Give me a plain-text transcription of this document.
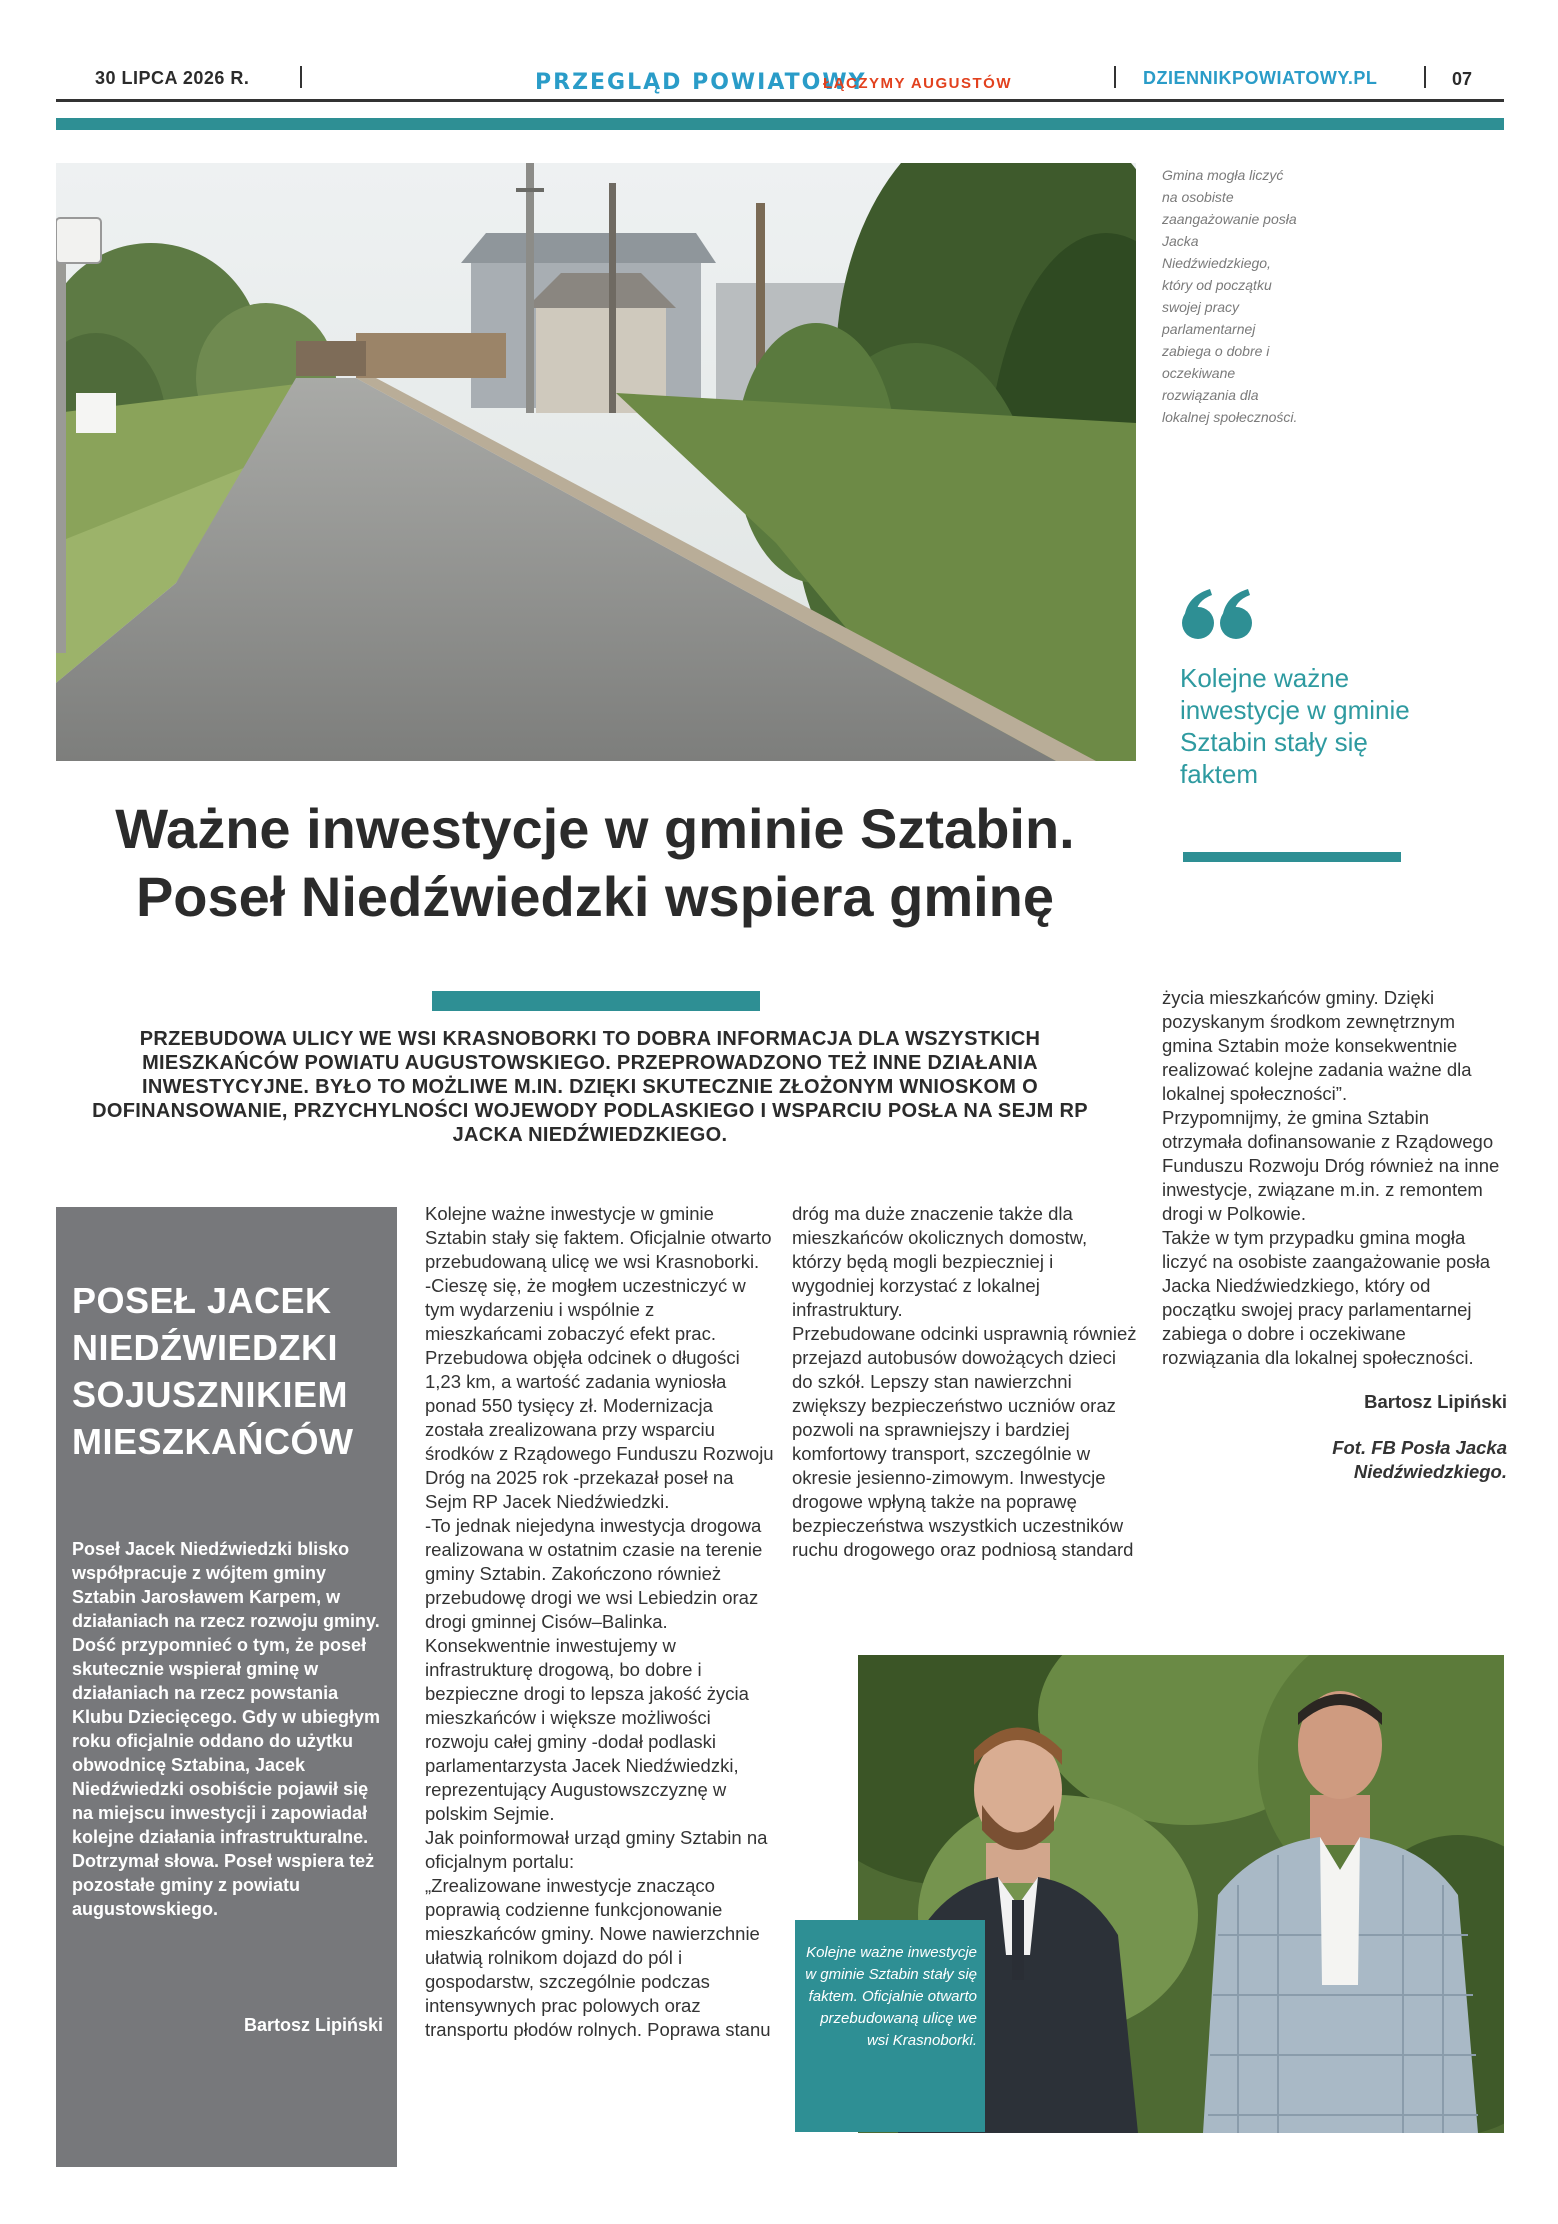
30 LIPCA 2026 R.	PRZEGLĄD POWIATOWY
ŁĄCZYMY AUGUSTÓW	DZIENNIKPOWIATOWY.PL	07
Gmina mogła liczyć na osobiste zaangażowanie posła Jacka Niedźwiedzkiego, który od początku swojej pracy parlamentarnej zabiega o dobre i oczekiwane rozwiązania dla lokalnej społeczności.
Kolejne ważne inwestycje w gminie Sztabin stały się faktem
Ważne inwestycje w gminie Sztabin.
Poseł Niedźwiedzki wspiera gminę
PRZEBUDOWA ULICY WE WSI KRASNOBORKI TO DOBRA INFORMACJA DLA WSZYSTKICH MIESZKAŃCÓW POWIATU AUGUSTOWSKIEGO. PRZEPROWADZONO TEŻ INNE DZIAŁANIA INWESTYCYJNE. BYŁO TO MOŻLIWE M.IN. DZIĘKI SKUTECZNIE ZŁOŻONYM WNIOSKOM O DOFINANSOWANIE, PRZYCHYLNOŚCI WOJEWODY PODLASKIEGO I WSPARCIU POSŁA NA SEJM RP JACKA NIEDŹWIEDZKIEGO.
POSEŁ JACEK NIEDŹWIEDZKI SOJUSZNIKIEM MIESZKAŃCÓW
Poseł Jacek Niedźwiedzki blisko współpracuje z wójtem gminy Sztabin Jarosławem Karpem, w działaniach na rzecz rozwoju gminy. Dość przypomnieć o tym, że poseł skutecznie wspierał gminę w działaniach na rzecz powstania Klubu Dziecięcego. Gdy w ubiegłym roku oficjalnie oddano do użytku obwodnicę Sztabina, Jacek Niedźwiedzki osobiście pojawił się na miejscu inwestycji i zapowiadał kolejne działania infrastrukturalne. Dotrzymał słowa. Poseł wspiera też pozostałe gminy z powiatu augustowskiego.
Bartosz Lipiński

Kolejne ważne inwestycje w gminie Sztabin stały się faktem. Oficjalnie otwarto przebudowaną ulicę we wsi Krasnoborki.
-Cieszę się, że mogłem uczestniczyć w tym wydarzeniu i wspólnie z mieszkańcami zobaczyć efekt prac. Przebudowa objęła odcinek o długości 1,23 km, a wartość zadania wyniosła ponad 550 tysięcy zł. Modernizacja została zrealizowana przy wsparciu środków z Rządowego Funduszu Rozwoju Dróg na 2025 rok -przekazał poseł na Sejm RP Jacek Niedźwiedzki.
-To jednak niejedyna inwestycja drogowa realizowana w ostatnim czasie na terenie gminy Sztabin. Zakończono również przebudowę drogi we wsi Lebiedzin oraz drogi gminnej Cisów–Balinka. Konsekwentnie inwestujemy w infrastrukturę drogową, bo dobre i bezpieczne drogi to lepsza jakość życia mieszkańców i większe możliwości rozwoju całej gminy -dodał podlaski parlamentarzysta Jacek Niedźwiedzki, reprezentujący Augustowszczyznę w polskim Sejmie.
Jak poinformował urząd gminy Sztabin na oficjalnym portalu:
„Zrealizowane inwestycje znacząco poprawią codzienne funkcjonowanie mieszkańców gminy. Nowe nawierzchnie ułatwią rolnikom dojazd do pól i gospodarstw, szczególnie podczas intensywnych prac polowych oraz transportu płodów rolnych. Poprawa stanu

dróg ma duże znaczenie także dla mieszkańców okolicznych domostw, którzy będą mogli bezpieczniej i wygodniej korzystać z lokalnej infrastruktury.
Przebudowane odcinki usprawnią również przejazd autobusów dowożących dzieci do szkół. Lepszy stan nawierzchni zwiększy bezpieczeństwo uczniów oraz pozwoli na sprawniejszy i bardziej komfortowy transport, szczególnie w okresie jesienno-zimowym. Inwestycje drogowe wpłyną także na poprawę bezpieczeństwa wszystkich uczestników ruchu drogowego oraz podniosą standard

życia mieszkańców gminy. Dzięki pozyskanym środkom zewnętrznym gmina Sztabin może konsekwentnie realizować kolejne zadania ważne dla lokalnej społeczności”.
Przypomnijmy, że gmina Sztabin otrzymała dofinansowanie z Rządowego Funduszu Rozwoju Dróg również na inne inwestycje, związane m.in. z remontem drogi w Polkowie.
Także w tym przypadku gmina mogła liczyć na osobiste zaangażowanie posła Jacka Niedźwiedzkiego, który od początku swojej pracy parlamentarnej zabiega o dobre i oczekiwane rozwiązania dla lokalnej społeczności.

Bartosz Lipiński

Fot. FB Posła Jacka Niedźwiedzkiego.

Kolejne ważne inwestycje w gminie Sztabin stały się faktem. Oficjalnie otwarto przebudowaną ulicę we wsi Krasnoborki.
